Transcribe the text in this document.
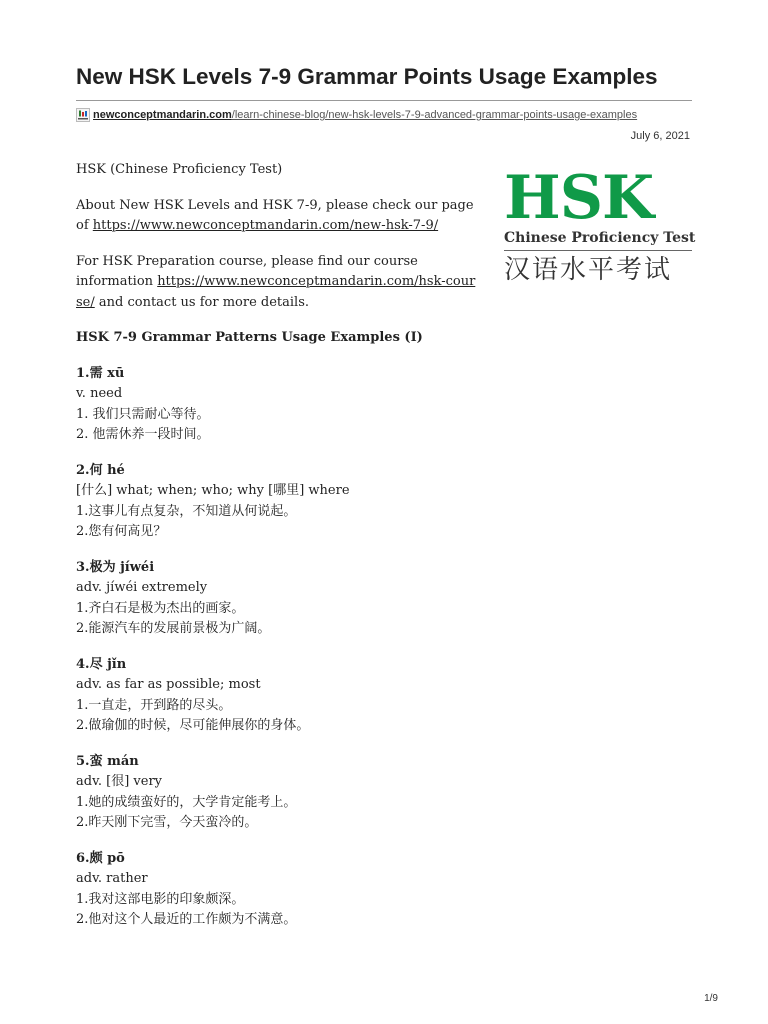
New HSK Levels 7-9 Grammar Points Usage Examples
newconceptmandarin.com /learn-chinese-blog/new-hsk-levels-7-9-advanced-grammar-points-usage-examples
July 6, 2021

HSK (Chinese Proficiency Test)

About New HSK Levels and HSK 7-9, please check our page of https://www.newconceptmandarin.com/new-hsk-7-9/

For HSK Preparation course, please find our course information https://www.newconceptmandarin.com/hsk-course/ and contact us for more details.

HSK 7-9 Grammar Patterns Usage Examples (I)
1.需 xū
v. need
1. 我们只需耐心等待。
2. 他需休养一段时间。
2.何 hé
[什么] what; when; who; why [哪里] where
1.这事儿有点复杂，不知道从何说起。
2.您有何高见？
3.极为 jíwéi
adv. jíwéi extremely
1.齐白石是极为杰出的画家。
2.能源汽车的发展前景极为广阔。
4.尽 jǐn
adv. as far as possible; most
1.一直走，开到路的尽头。
2.做瑜伽的时候，尽可能伸展你的身体。
5.蛮 mán
adv. [很] very
1.她的成绩蛮好的，大学肯定能考上。
2.昨天刚下完雪，今天蛮冷的。
6.颇 pō
adv. rather
1.我对这部电影的印象颇深。
2.他对这个人最近的工作颇为不满意。
HSK
Chinese Proficiency Test
汉语水平考试
1/9
